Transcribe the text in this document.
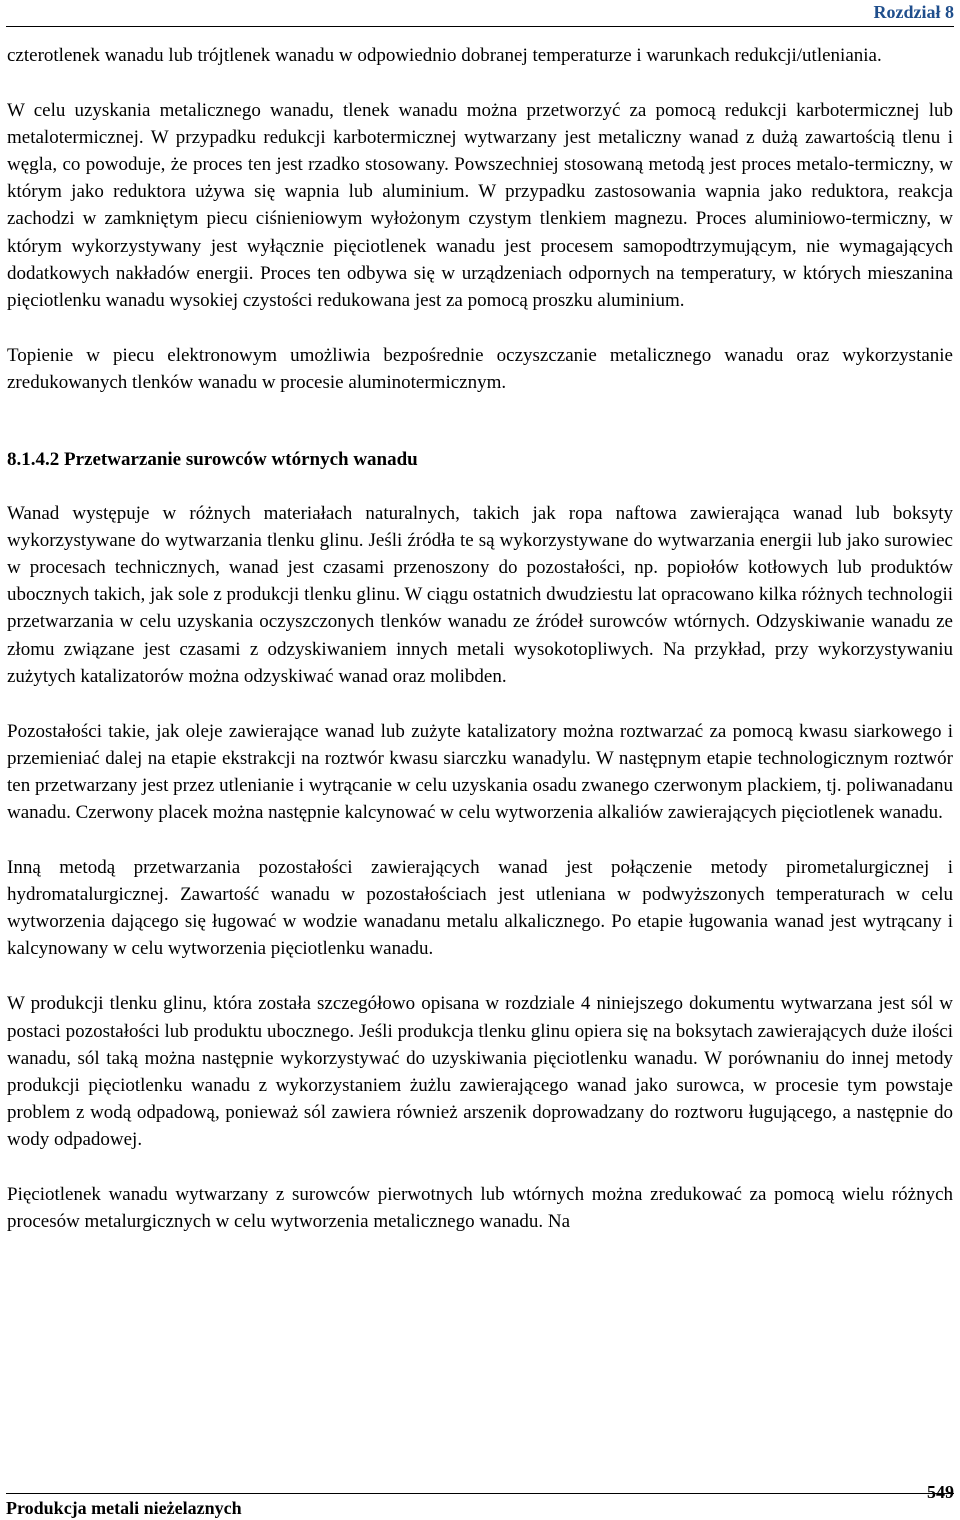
Rozdział 8

czterotlenek wanadu lub trójtlenek wanadu w odpowiednio dobranej temperaturze i warunkach redukcji/utleniania.

W celu uzyskania metalicznego wanadu, tlenek wanadu można przetworzyć za pomocą redukcji karbotermicznej lub metalotermicznej. W przypadku redukcji karbotermicznej wytwarzany jest metaliczny wanad z dużą zawartością tlenu i węgla, co powoduje, że proces ten jest rzadko stosowany. Powszechniej stosowaną metodą jest proces metalo-termiczny, w którym jako reduktora używa się wapnia lub aluminium. W przypadku zastosowania wapnia jako reduktora, reakcja zachodzi w zamkniętym piecu ciśnieniowym wyłożonym czystym tlenkiem magnezu. Proces aluminiowo-termiczny, w którym wykorzystywany jest wyłącznie pięciotlenek wanadu jest procesem samopodtrzymującym, nie wymagających dodatkowych nakładów energii. Proces ten odbywa się w urządzeniach odpornych na temperatury, w których mieszanina pięciotlenku wanadu wysokiej czystości redukowana jest za pomocą proszku aluminium.

Topienie w piecu elektronowym umożliwia bezpośrednie oczyszczanie metalicznego wanadu oraz wykorzystanie zredukowanych tlenków wanadu w procesie aluminotermicznym.

8.1.4.2 Przetwarzanie surowców wtórnych wanadu

Wanad występuje w różnych materiałach naturalnych, takich jak ropa naftowa zawierająca wanad lub boksyty wykorzystywane do wytwarzania tlenku glinu. Jeśli źródła te są wykorzystywane do wytwarzania energii lub jako surowiec w procesach technicznych, wanad jest czasami przenoszony do pozostałości, np. popiołów kotłowych lub produktów ubocznych takich, jak sole z produkcji tlenku glinu. W ciągu ostatnich dwudziestu lat opracowano kilka różnych technologii przetwarzania w celu uzyskania oczyszczonych tlenków wanadu ze źródeł surowców wtórnych. Odzyskiwanie wanadu ze złomu związane jest czasami z odzyskiwaniem innych metali wysokotopliwych. Na przykład, przy wykorzystywaniu zużytych katalizatorów można odzyskiwać wanad oraz molibden.

Pozostałości takie, jak oleje zawierające wanad lub zużyte katalizatory można roztwarzać za pomocą kwasu siarkowego i przemieniać dalej na etapie ekstrakcji na roztwór kwasu siarczku wanadylu. W następnym etapie technologicznym roztwór ten przetwarzany jest przez utlenianie i wytrącanie w celu uzyskania osadu zwanego czerwonym plackiem, tj. poliwanadanu wanadu. Czerwony placek można następnie kalcynować w celu wytworzenia alkaliów zawierających pięciotlenek wanadu.

Inną metodą przetwarzania pozostałości zawierających wanad jest połączenie metody pirometalurgicznej i hydromatalurgicznej. Zawartość wanadu w pozostałościach jest utleniana w podwyższonych temperaturach w celu wytworzenia dającego się ługować w wodzie wanadanu metalu alkalicznego. Po etapie ługowania wanad jest wytrącany i kalcynowany w celu wytworzenia pięciotlenku wanadu.

W produkcji tlenku glinu, która została szczegółowo opisana w rozdziale 4 niniejszego dokumentu wytwarzana jest sól w postaci pozostałości lub produktu ubocznego. Jeśli produkcja tlenku glinu opiera się na boksytach zawierających duże ilości wanadu, sól taką można następnie wykorzystywać do uzyskiwania pięciotlenku wanadu. W porównaniu do innej metody produkcji pięciotlenku wanadu z wykorzystaniem żużlu zawierającego wanad jako surowca, w procesie tym powstaje problem z wodą odpadową, ponieważ sól zawiera również arszenik doprowadzany do roztworu ługującego, a następnie do wody odpadowej.

Pięciotlenek wanadu wytwarzany z surowców pierwotnych lub wtórnych można zredukować za pomocą wielu różnych procesów metalurgicznych w celu wytworzenia metalicznego wanadu. Na

Produkcja metali nieżelaznych
549
